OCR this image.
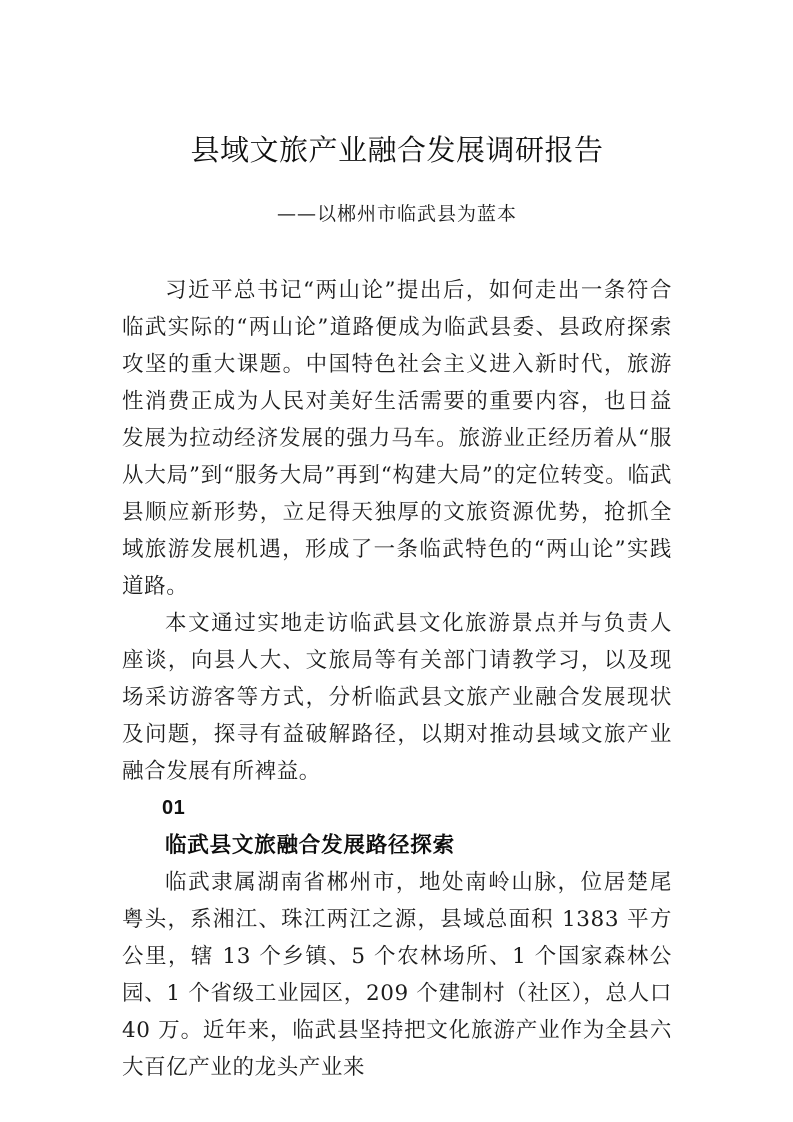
县域文旅产业融合发展调研报告
——以郴州市临武县为蓝本

习近平总书记“两山论”提出后，如何走出一条符合临武实际的“两山论”道路便成为临武县委、县政府探索攻坚的重大课题。中国特色社会主义进入新时代，旅游性消费正成为人民对美好生活需要的重要内容，也日益发展为拉动经济发展的强力马车。旅游业正经历着从“服从大局”到“服务大局”再到“构建大局”的定位转变。临武县顺应新形势，立足得天独厚的文旅资源优势，抢抓全域旅游发展机遇，形成了一条临武特色的“两山论”实践道路。

本文通过实地走访临武县文化旅游景点并与负责人座谈，向县人大、文旅局等有关部门请教学习，以及现场采访游客等方式，分析临武县文旅产业融合发展现状及问题，探寻有益破解路径，以期对推动县域文旅产业融合发展有所裨益。

01

临武县文旅融合发展路径探索

临武隶属湖南省郴州市，地处南岭山脉，位居楚尾粤头，系湘江、珠江两江之源，县域总面积 1383 平方公里，辖 13 个乡镇、5 个农林场所、1 个国家森林公园、1 个省级工业园区，209 个建制村（社区），总人口 40 万。近年来，临武县坚持把文化旅游产业作为全县六大百亿产业的龙头产业来
